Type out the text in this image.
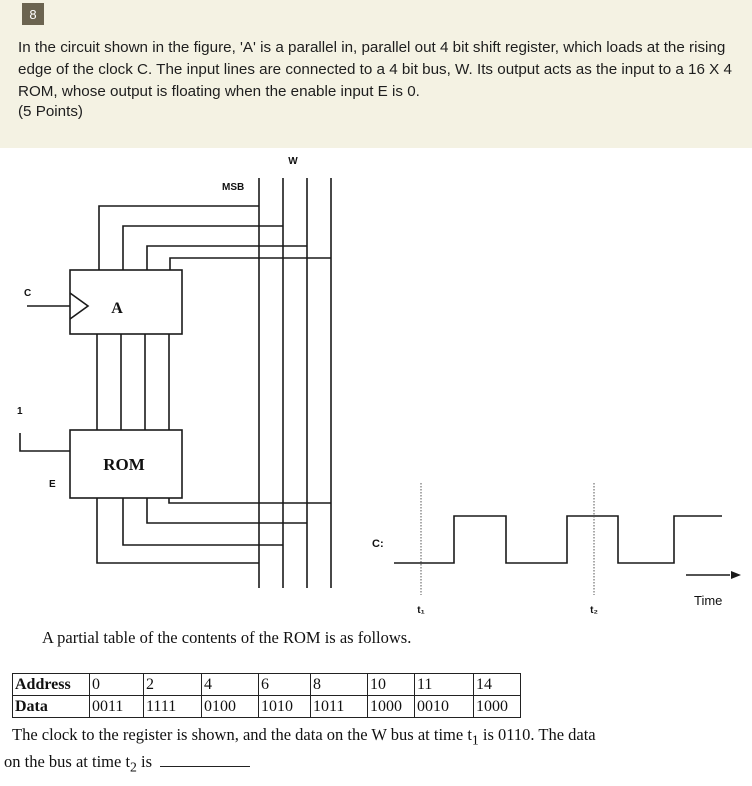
8
In the circuit shown in the figure, 'A' is a parallel in, parallel out 4 bit shift register, which loads at the rising edge of the clock C. The input lines are connected to a 4 bit bus, W. Its output acts as the input to a 16 X 4 ROM, whose output is floating when the enable input E is 0.
(5 Points)
W
MSB
C
A
ROM
1
E
C:
t₁	t₂
Time
A partial table of the contents of the ROM is as follows.
Address	0	2	4	6	8	10	11	14
Data	0011	1111	0100	1010	1011	1000	0010	1000
The clock to the register is shown, and the data on the W bus at time $t_1$ is 0110. The data
on the bus at time $t_2$ is
